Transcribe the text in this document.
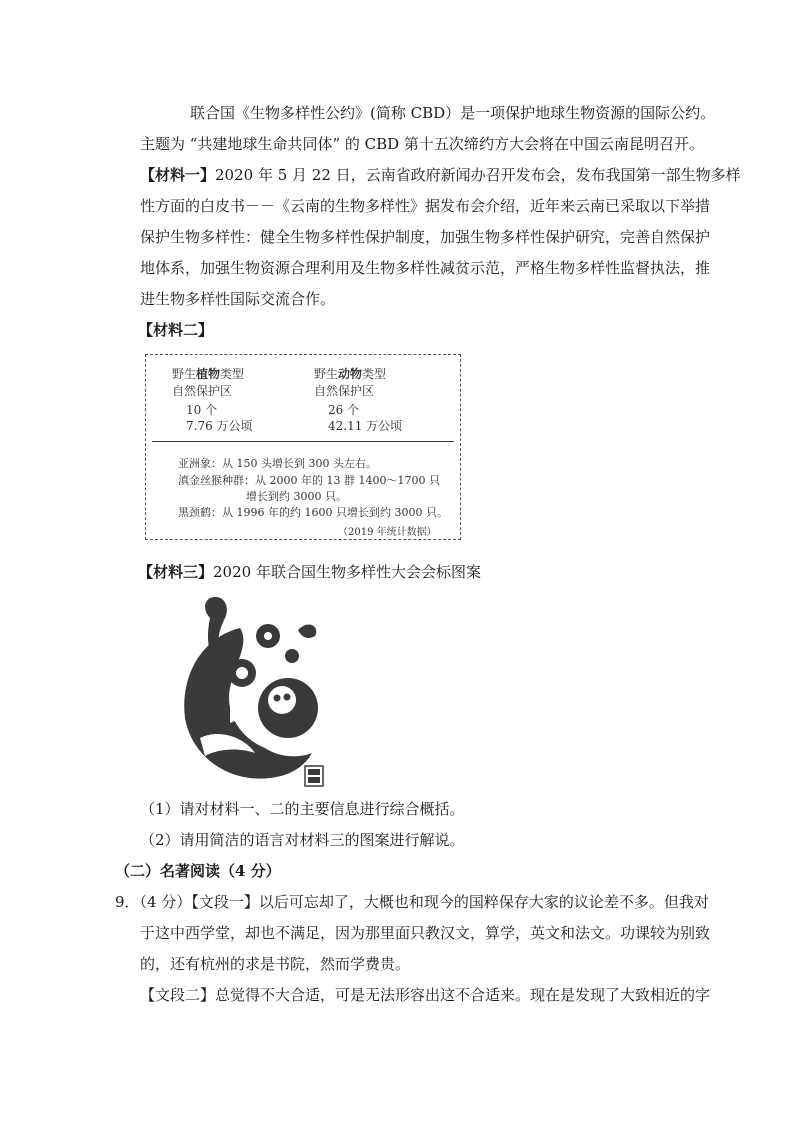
联合国《生物多样性公约》(简称 CBD）是一项保护地球生物资源的国际公约。
主题为 “共建地球生命共同体” 的 CBD 第十五次缔约方大会将在中国云南昆明召开。
【材料一】2020 年 5 月 22 日，云南省政府新闻办召开发布会，发布我国第一部生物多样
性方面的白皮书－－《云南的生物多样性》据发布会介绍，近年来云南已采取以下举措
保护生物多样性：健全生物多样性保护制度，加强生物多样性保护研究，完善自然保护
地体系，加强生物资源合理利用及生物多样性减贫示范，严格生物多样性监督执法，推
进生物多样性国际交流合作。
【材料二】
野生植物类型
自然保护区
10 个
7.76 万公顷
野生动物类型
自然保护区
26 个
42.11 万公顷
亚洲象：从 150 头增长到 300 头左右。
滇金丝猴种群：从 2000 年的 13 群 1400～1700 只
增长到约 3000 只。
黑颈鹤：从 1996 年的约 1600 只增长到约 3000 只。
（2019 年统计数据）
【材料三】2020 年联合国生物多样性大会会标图案
（1）请对材料一、二的主要信息进行综合概括。
（2）请用简洁的语言对材料三的图案进行解说。
（二）名著阅读（4 分）
9．（4 分）【文段一】以后可忘却了，大概也和现今的国粹保存大家的议论差不多。但我对
于这中西学堂，却也不满足，因为那里面只教汉文，算学，英文和法文。功课较为别致
的，还有杭州的求是书院，然而学费贵。
【文段二】总觉得不大合适，可是无法形容出这不合适来。现在是发现了大致相近的字
